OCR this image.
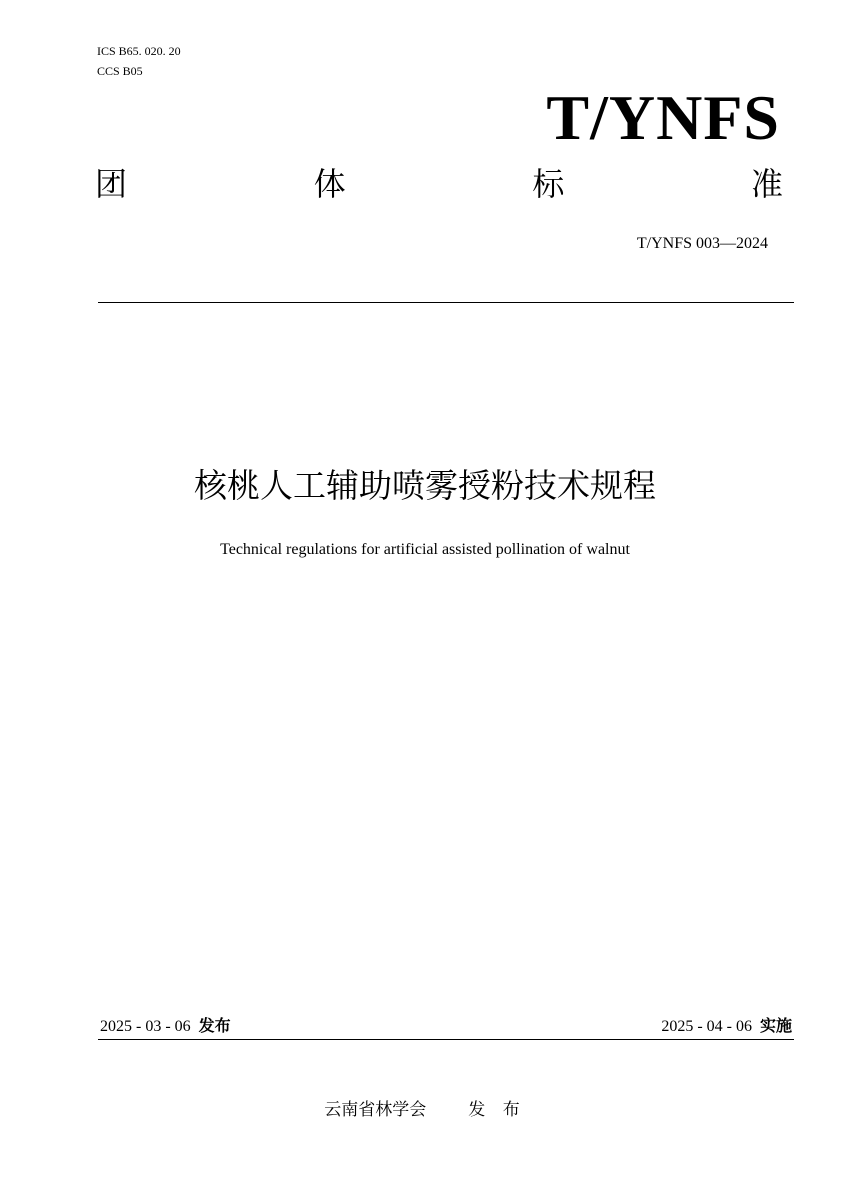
ICS B65. 020. 20
CCS B05
T/YNFS
团	体	标	准
T/YNFS 003—2024
核桃人工辅助喷雾授粉技术规程
Technical regulations for artificial assisted pollination of walnut
2025 - 03 - 06 发布	2025 - 04 - 06 实施
云南省林学会 发 布
